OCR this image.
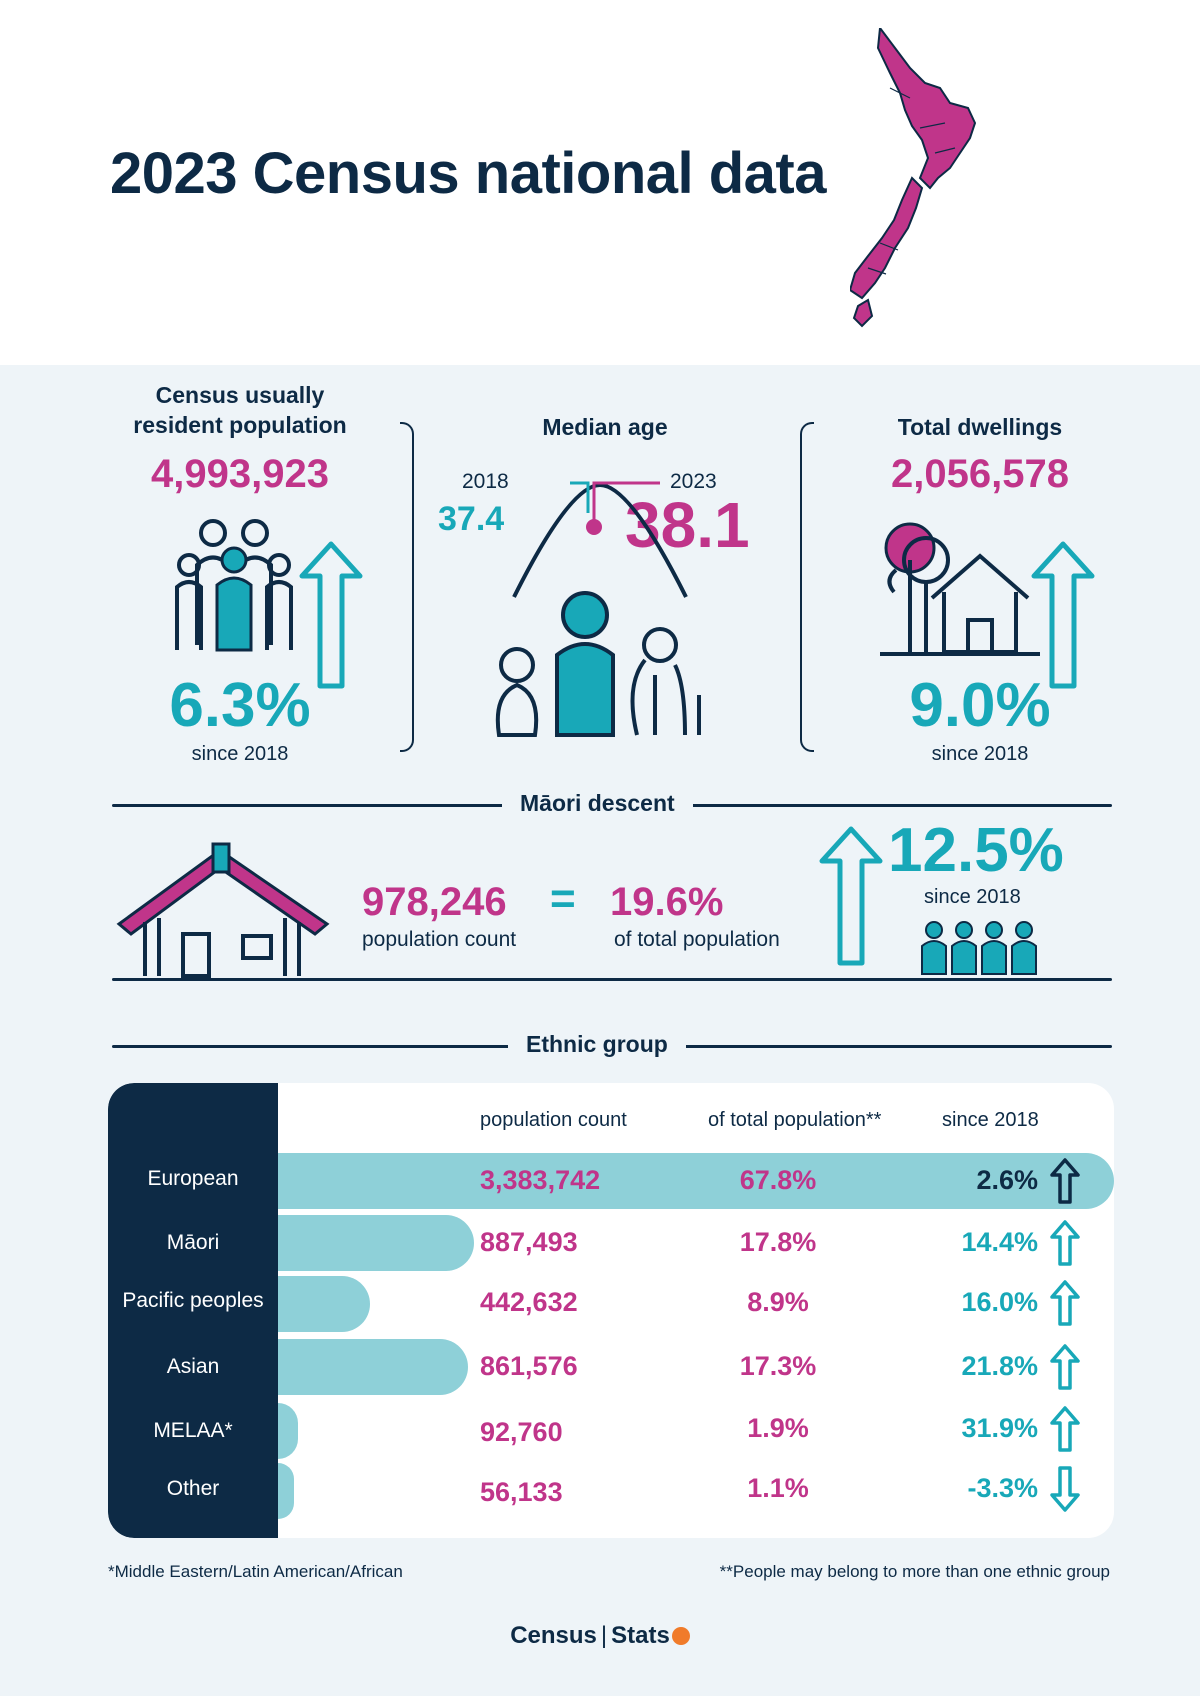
2023 Census national data
Census usually
resident population
4,993,923
6.3%
since 2018
Median age
2018
37.4
2023
38.1
Total dwellings
2,056,578
9.0%
since 2018
Māori descent
978,246
population count
= 19.6%
of total population
12.5%
since 2018
Ethnic group
population count	of total population**	since 2018
European	3,383,742	67.8%	2.6%
Māori	887,493	17.8%	14.4%
Pacific peoples	442,632	8.9%	16.0%
Asian	861,576	17.3%	21.8%
MELAA*	92,760	1.9%	31.9%
Other	56,133	1.1%	-3.3%
*Middle Eastern/Latin American/African	**People may belong to more than one ethnic group
Census | Stats
